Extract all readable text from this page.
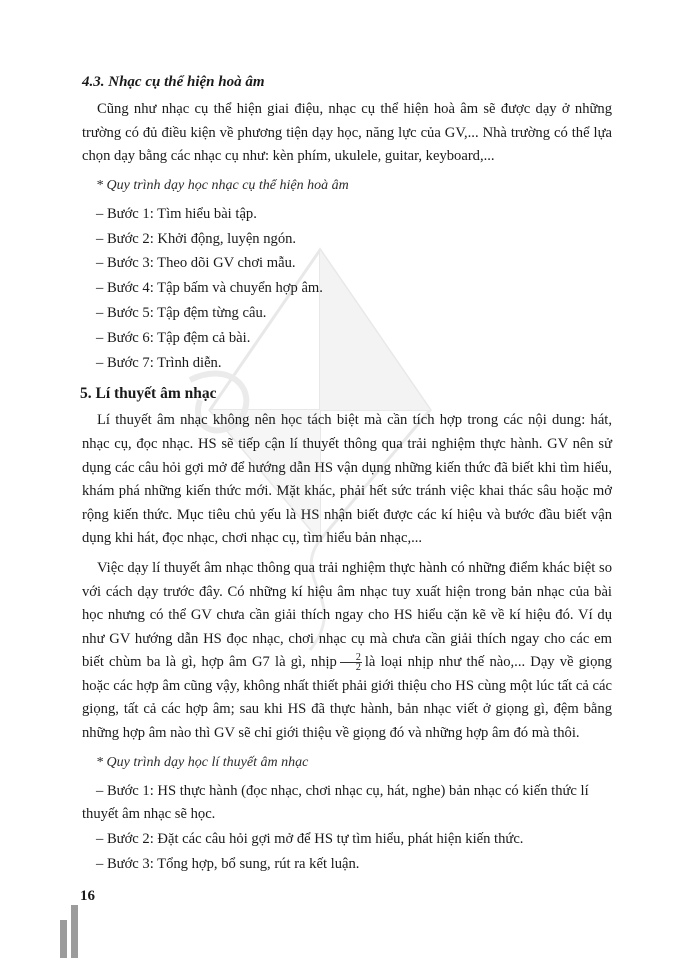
4.3. Nhạc cụ thể hiện hoà âm

Cũng như nhạc cụ thể hiện giai điệu, nhạc cụ thể hiện hoà âm sẽ được dạy ở những trường có đủ điều kiện về phương tiện dạy học, năng lực của GV,... Nhà trường có thể lựa chọn dạy bằng các nhạc cụ như: kèn phím, ukulele, guitar, keyboard,...

* Quy trình dạy học nhạc cụ thể hiện hoà âm

– Bước 1: Tìm hiểu bài tập.

– Bước 2: Khởi động, luyện ngón.

– Bước 3: Theo dõi GV chơi mẫu.

– Bước 4: Tập bấm và chuyển hợp âm.

– Bước 5: Tập đệm từng câu.

– Bước 6: Tập đệm cả bài.

– Bước 7: Trình diễn.

5. Lí thuyết âm nhạc

Lí thuyết âm nhạc không nên học tách biệt mà cần tích hợp trong các nội dung: hát, nhạc cụ, đọc nhạc. HS sẽ tiếp cận lí thuyết thông qua trải nghiệm thực hành. GV nên sử dụng các câu hỏi gợi mở để hướng dẫn HS vận dụng những kiến thức đã biết khi tìm hiểu, khám phá những kiến thức mới. Mặt khác, phải hết sức tránh việc khai thác sâu hoặc mở rộng kiến thức. Mục tiêu chủ yếu là HS nhận biết được các kí hiệu và bước đầu biết vận dụng khi hát, đọc nhạc, chơi nhạc cụ, tìm hiểu bản nhạc,...

Việc dạy lí thuyết âm nhạc thông qua trải nghiệm thực hành có những điểm khác biệt so với cách dạy trước đây. Có những kí hiệu âm nhạc tuy xuất hiện trong bản nhạc của bài học nhưng có thể GV chưa cần giải thích ngay cho HS hiểu cặn kẽ về kí hiệu đó. Ví dụ như GV hướng dẫn HS đọc nhạc, chơi nhạc cụ mà chưa cần giải thích ngay cho các em biết chùm ba là gì, hợp âm G7 là gì, nhịp $\frac{2}{2}$ là loại nhịp như thế nào,... Dạy về giọng hoặc các hợp âm cũng vậy, không nhất thiết phải giới thiệu cho HS cùng một lúc tất cả các giọng, tất cả các hợp âm; sau khi HS đã thực hành, bản nhạc viết ở giọng gì, đệm bằng những hợp âm nào thì GV sẽ chỉ giới thiệu về giọng đó và những hợp âm đó mà thôi.

* Quy trình dạy học lí thuyết âm nhạc

– Bước 1: HS thực hành (đọc nhạc, chơi nhạc cụ, hát, nghe) bản nhạc có kiến thức lí thuyết âm nhạc sẽ học.

– Bước 2: Đặt các câu hỏi gợi mở để HS tự tìm hiểu, phát hiện kiến thức.

– Bước 3: Tổng hợp, bổ sung, rút ra kết luận.

16
